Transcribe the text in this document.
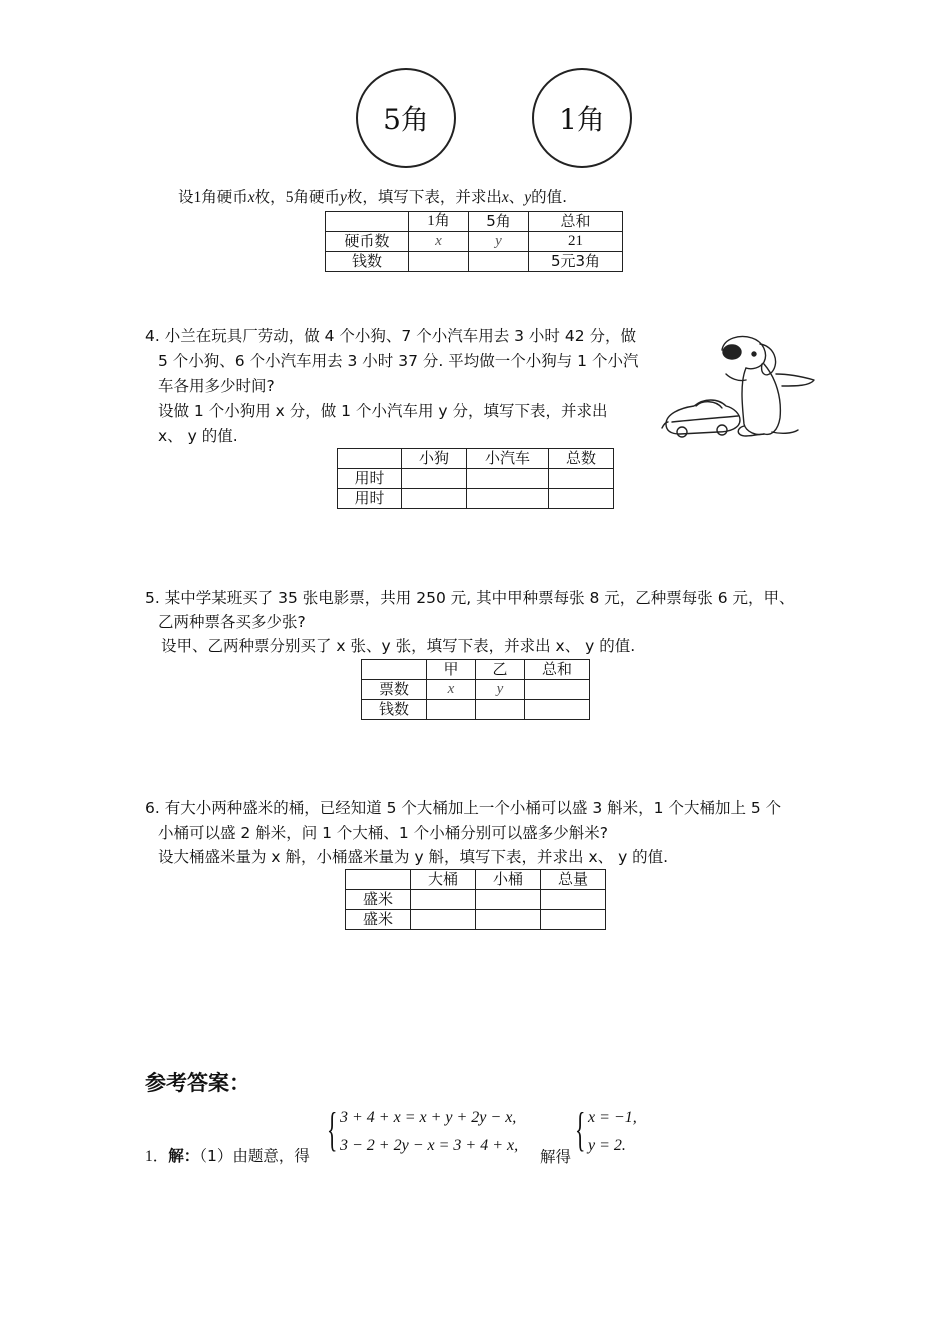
5角	1角
设1角硬币x枚，5角硬币y枚，填写下表，并求出x、y的值.
	1角	5角	总和
硬币数	x	y	21
钱数			5元3角
4. 小兰在玩具厂劳动，做 4 个小狗、7 个小汽车用去 3 小时 42 分，做
5 个小狗、6 个小汽车用去 3 小时 37 分. 平均做一个小狗与 1 个小汽
车各用多少时间?
设做 1 个小狗用 x 分，做 1 个小汽车用 y 分，填写下表，并求出
x、 y 的值.
	小狗	小汽车	总数
用时			
用时			
5. 某中学某班买了 35 张电影票，共用 250 元, 其中甲种票每张 8 元，乙种票每张 6 元，甲、
乙两种票各买多少张?
设甲、乙两种票分别买了 x 张、y 张，填写下表，并求出 x、 y 的值.
	甲	乙	总和
票数	x	y	
钱数			
6. 有大小两种盛米的桶，已经知道 5 个大桶加上一个小桶可以盛 3 斛米，1 个大桶加上 5 个
小桶可以盛 2 斛米，问 1 个大桶、1 个小桶分别可以盛多少斛米?
设大桶盛米量为 x 斛，小桶盛米量为 y 斛，填写下表，并求出 x、 y 的值.
	大桶	小桶	总量
盛米			
盛米			
参考答案：
1．解：（1）由题意，得 { 3 + 4 + x = x + y + 2y − x,
3 − 2 + 2y − x = 3 + 4 + x,
解得
{ x = −1,
y = 2.
